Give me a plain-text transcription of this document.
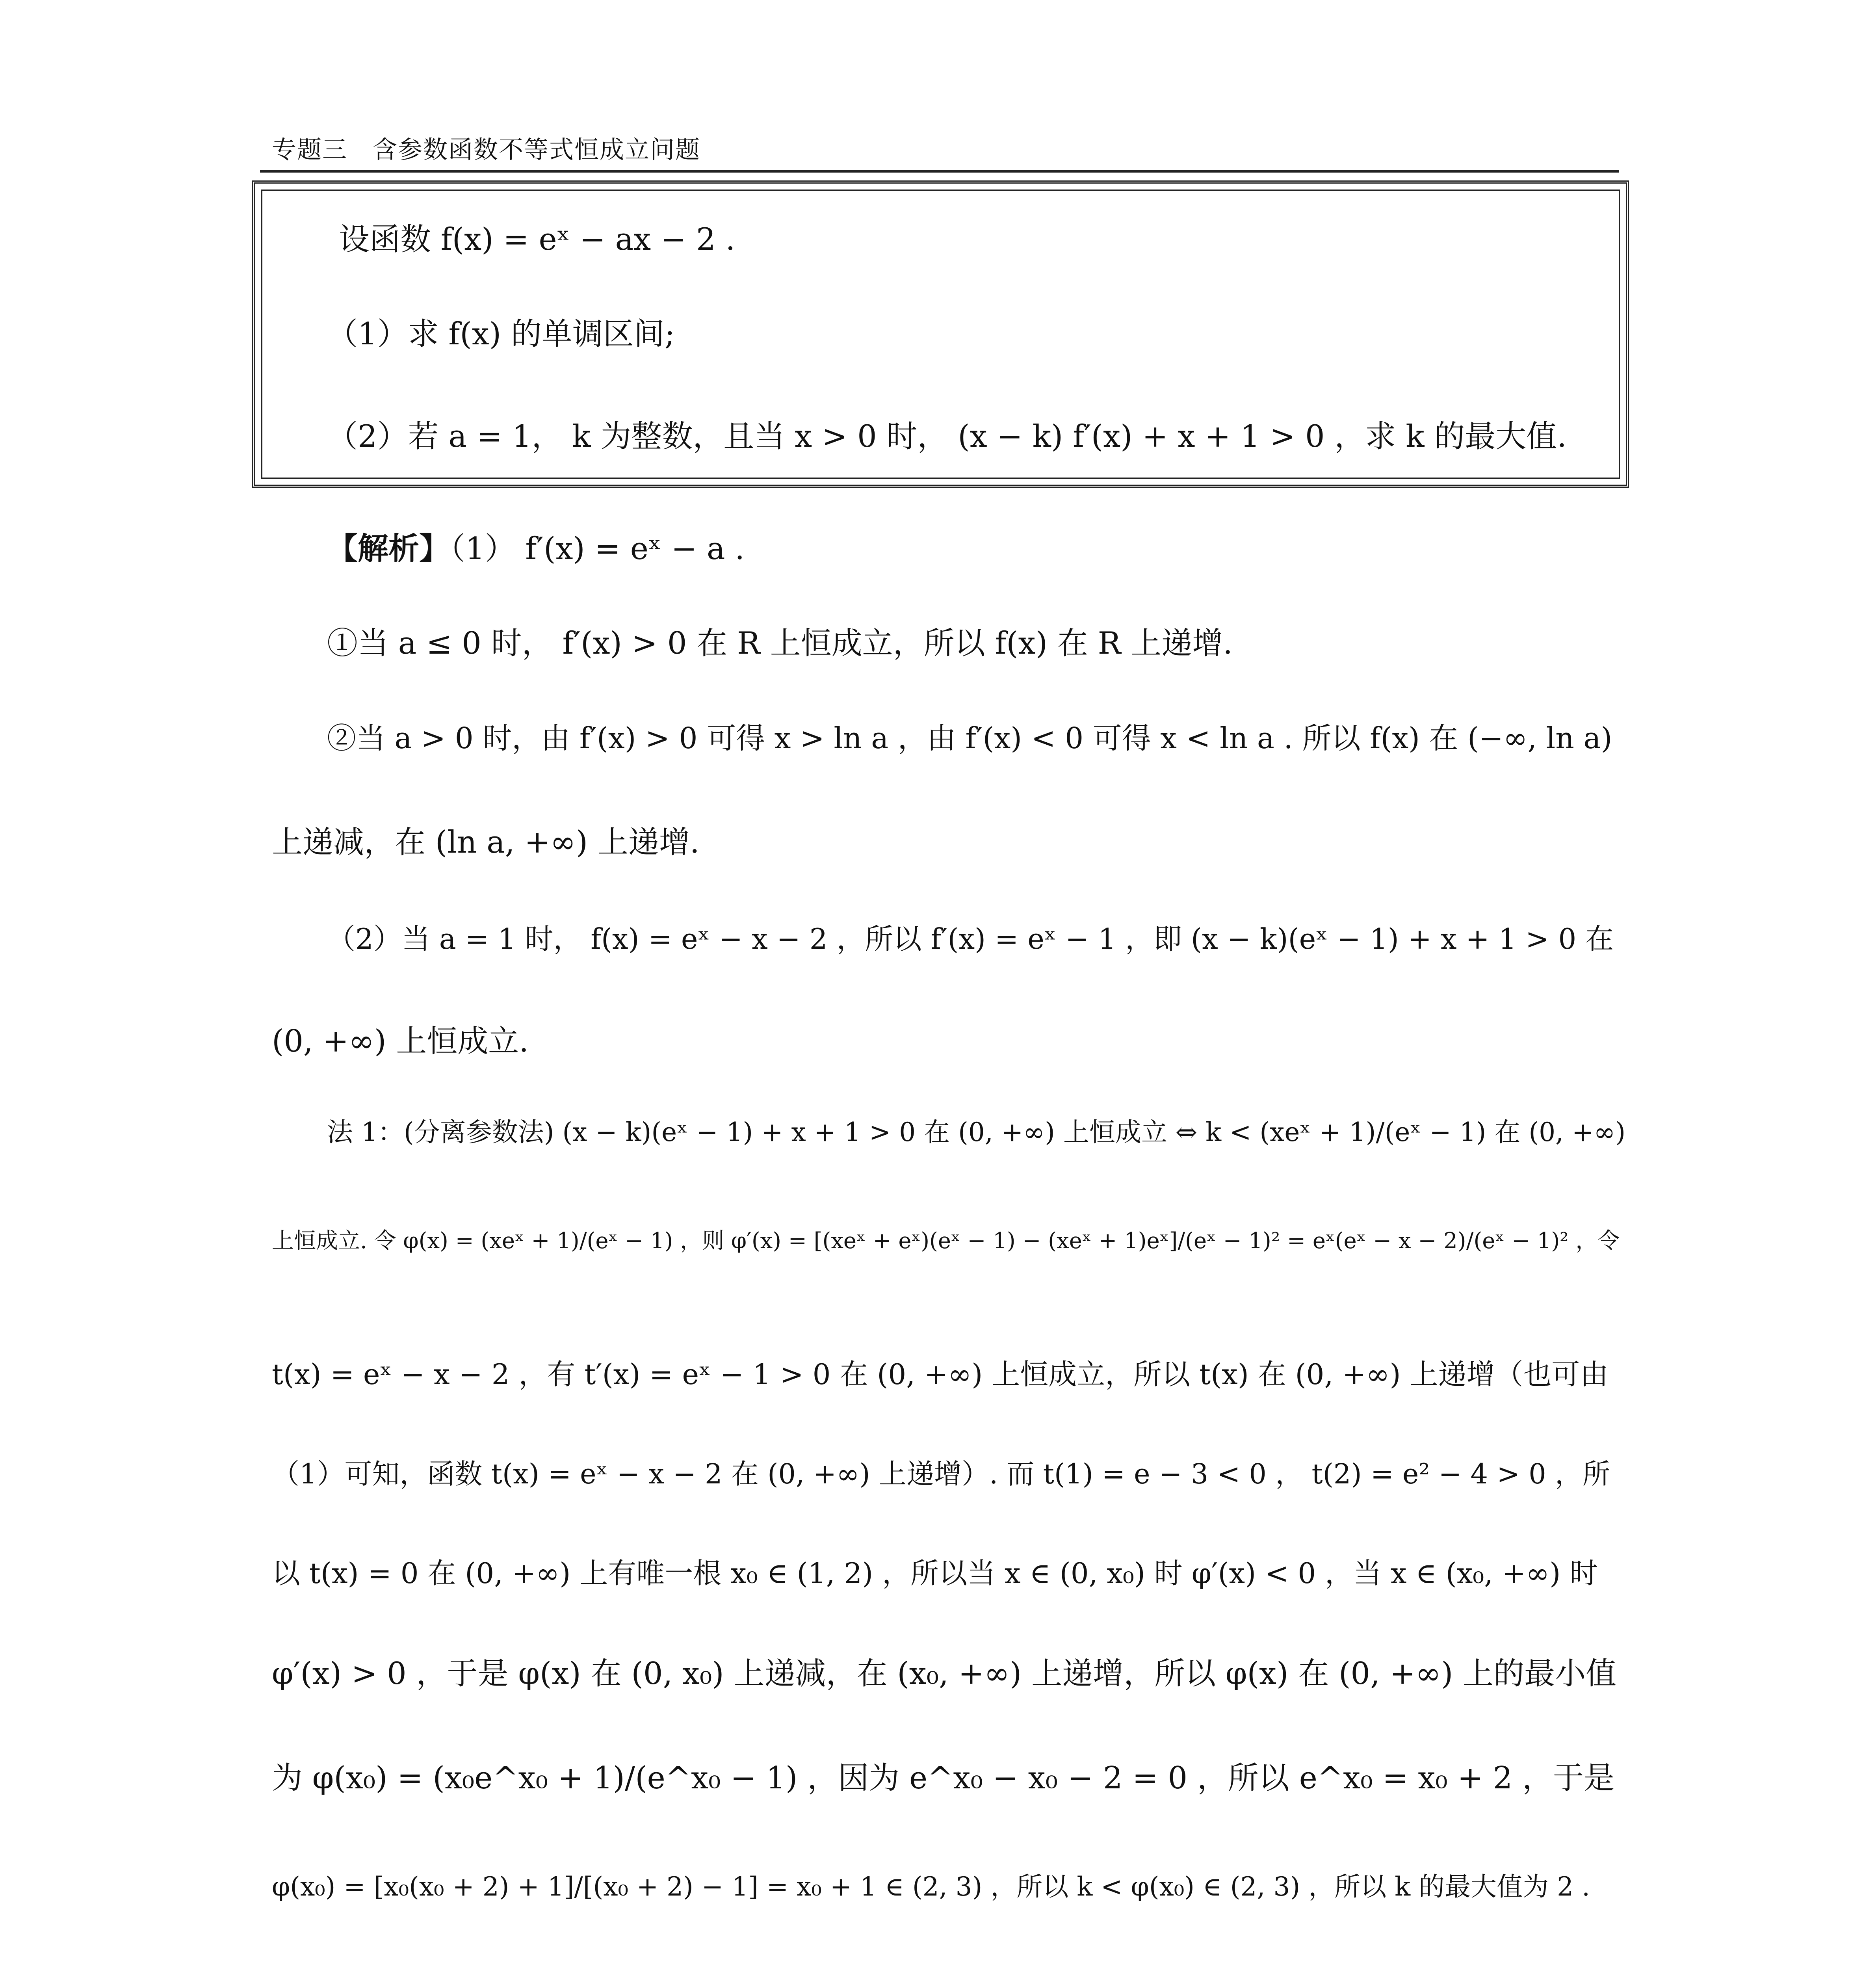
专题三　含参数函数不等式恒成立问题
设函数 f(x) = eˣ − ax − 2 .
（1）求 f(x) 的单调区间;
（2）若 a = 1， k 为整数，且当 x > 0 时， (x − k) f′(x) + x + 1 > 0 ，求 k 的最大值.
【解析】（1） f′(x) = eˣ − a .
①当 a ≤ 0 时， f′(x) > 0 在 R 上恒成立，所以 f(x) 在 R 上递增.
②当 a > 0 时，由 f′(x) > 0 可得 x > ln a ，由 f′(x) < 0 可得 x < ln a . 所以 f(x) 在 (−∞, ln a)
上递减，在 (ln a, +∞) 上递增.
（2）当 a = 1 时， f(x) = eˣ − x − 2 ，所以 f′(x) = eˣ − 1 ，即 (x − k)(eˣ − 1) + x + 1 > 0 在
(0, +∞) 上恒成立.
法 1：(分离参数法) (x − k)(eˣ − 1) + x + 1 > 0 在 (0, +∞) 上恒成立 ⇔ k < (xeˣ + 1)/(eˣ − 1) 在 (0, +∞)
上恒成立. 令 φ(x) = (xeˣ + 1)/(eˣ − 1) ，则 φ′(x) = [(xeˣ + eˣ)(eˣ − 1) − (xeˣ + 1)eˣ]/(eˣ − 1)² = eˣ(eˣ − x − 2)/(eˣ − 1)² ，令
t(x) = eˣ − x − 2 ，有 t′(x) = eˣ − 1 > 0 在 (0, +∞) 上恒成立，所以 t(x) 在 (0, +∞) 上递增（也可由
（1）可知，函数 t(x) = eˣ − x − 2 在 (0, +∞) 上递增）. 而 t(1) = e − 3 < 0 ， t(2) = e² − 4 > 0 ，所
以 t(x) = 0 在 (0, +∞) 上有唯一根 x₀ ∈ (1, 2) ，所以当 x ∈ (0, x₀) 时 φ′(x) < 0 ，当 x ∈ (x₀, +∞) 时
φ′(x) > 0 ，于是 φ(x) 在 (0, x₀) 上递减，在 (x₀, +∞) 上递增，所以 φ(x) 在 (0, +∞) 上的最小值
为 φ(x₀) = (x₀e^x₀ + 1)/(e^x₀ − 1) ，因为 e^x₀ − x₀ − 2 = 0 ，所以 e^x₀ = x₀ + 2 ，于是
φ(x₀) = [x₀(x₀ + 2) + 1]/[(x₀ + 2) − 1] = x₀ + 1 ∈ (2, 3) ，所以 k < φ(x₀) ∈ (2, 3) ，所以 k 的最大值为 2 .
